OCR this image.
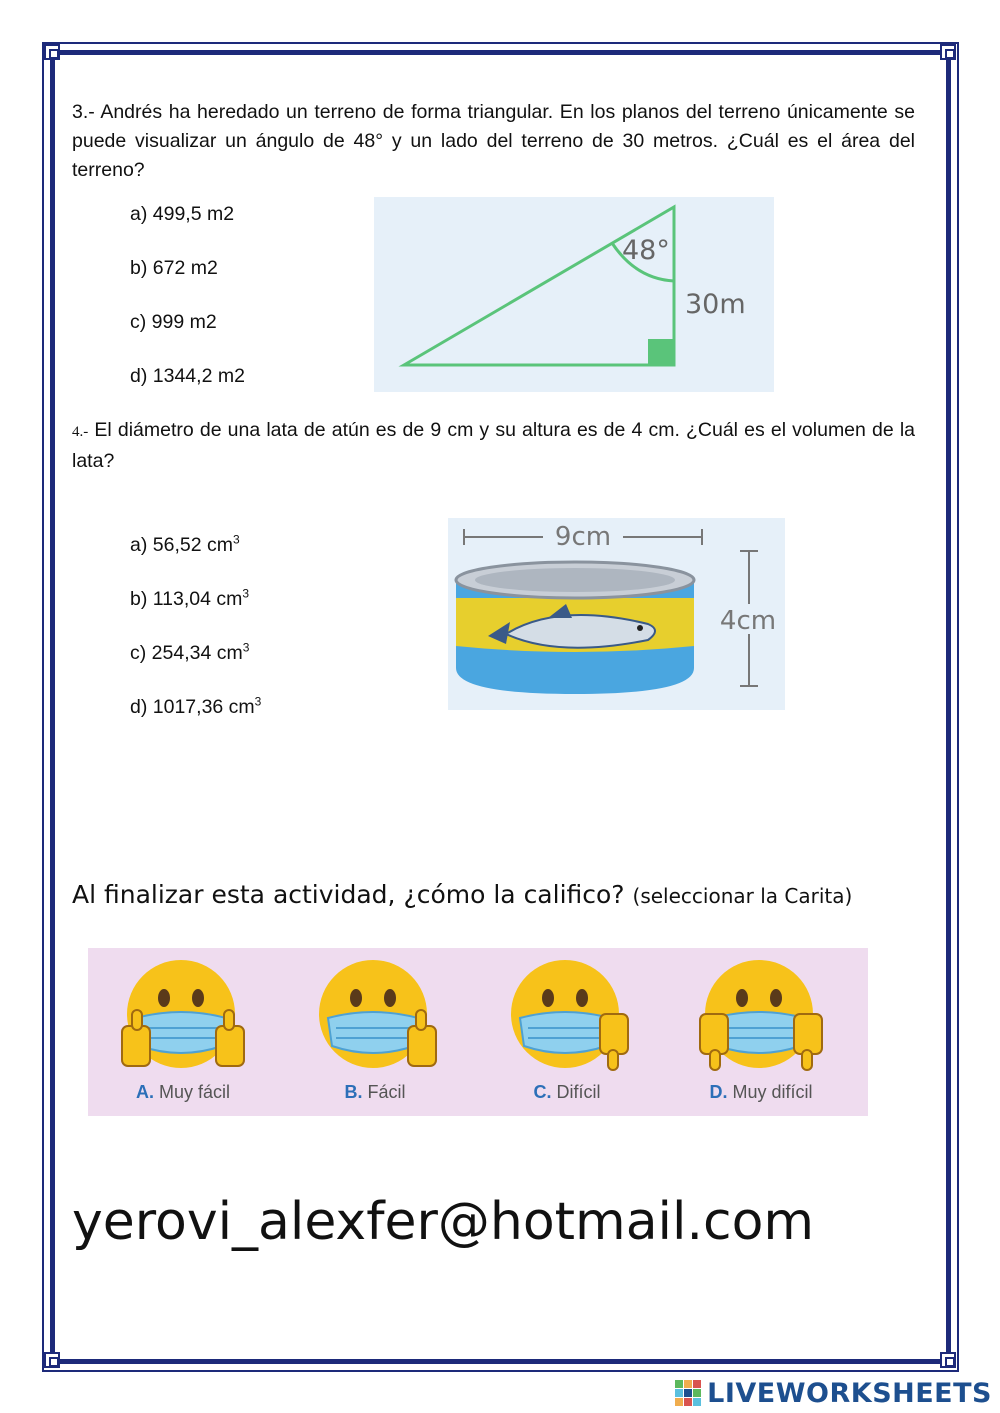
3.- Andrés ha heredado un terreno de forma triangular. En los planos del terreno únicamente se puede visualizar un ángulo de 48° y un lado del terreno de 30 metros. ¿Cuál es el área del terreno?
a) 499,5 m2
b) 672 m2
c) 999 m2
d) 1344,2 m2
48°
30m
4.- El diámetro de una lata de atún es de 9 cm y su altura es de 4 cm. ¿Cuál es el volumen de la lata?
a) 56,52 $cm^3$
b) 113,04 $cm^3$
c) 254,34 $cm^3$
d) 1017,36 $cm^3$
9cm
4cm
Al finalizar esta actividad, ¿cómo la califico? (seleccionar la Carita)
A. Muy fácil	B. Fácil	C. Difícil	D. Muy difícil
yerovi_alexfer@hotmail.com
LIVEWORKSHEETS
